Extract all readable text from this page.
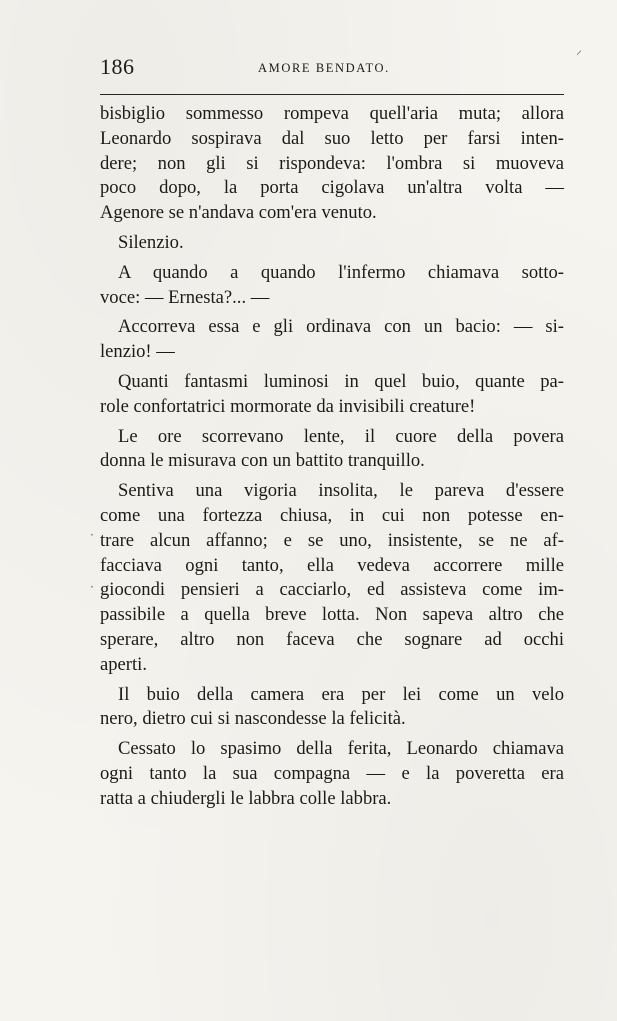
186	AMORE BENDATO.
⸍
·
·
bisbiglio sommesso rompeva quell'aria muta; allora
Leonardo sospirava dal suo letto per farsi inten-
dere; non gli si rispondeva: l'ombra si muoveva
poco dopo, la porta cigolava un'altra volta —
Agenore se n'andava com'era venuto.
Silenzio.
A quando a quando l'infermo chiamava sotto-
voce: — Ernesta?... —
Accorreva essa e gli ordinava con un bacio: — si-
lenzio! —
Quanti fantasmi luminosi in quel buio, quante pa-
role confortatrici mormorate da invisibili creature!
Le ore scorrevano lente, il cuore della povera
donna le misurava con un battito tranquillo.
Sentiva una vigoria insolita, le pareva d'essere
come una fortezza chiusa, in cui non potesse en-
trare alcun affanno; e se uno, insistente, se ne af-
facciava ogni tanto, ella vedeva accorrere mille
giocondi pensieri a cacciarlo, ed assisteva come im-
passibile a quella breve lotta. Non sapeva altro che
sperare, altro non faceva che sognare ad occhi
aperti.
Il buio della camera era per lei come un velo
nero, dietro cui si nascondesse la felicità.
Cessato lo spasimo della ferita, Leonardo chiamava
ogni tanto la sua compagna — e la poveretta era
ratta a chiudergli le labbra colle labbra.
